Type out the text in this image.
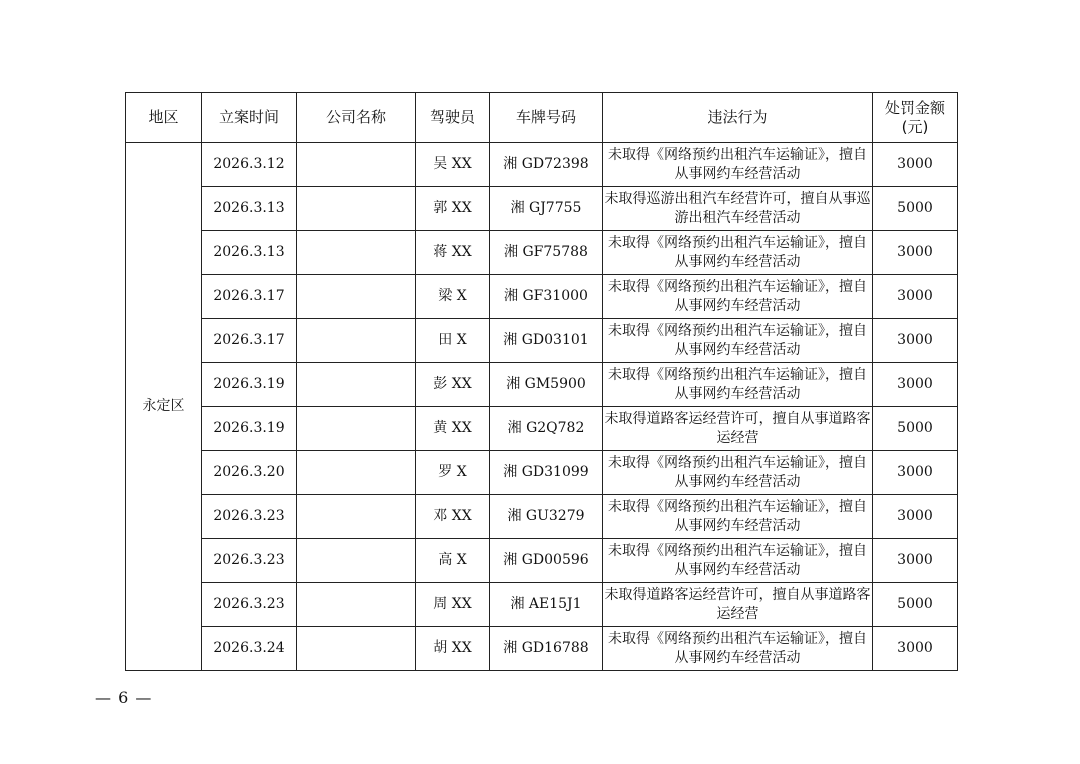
地区	立案时间	公司名称	驾驶员	车牌号码	违法行为	处罚金额
(元)

永定区	2026.3.12		吴 XX	湘 GD72398	未取得《网络预约出租汽车运输证》，擅自从事网约车经营活动	3000
	2026.3.13		郭 XX	湘 GJ7755	未取得巡游出租汽车经营许可，擅自从事巡游出租汽车经营活动	5000
	2026.3.13		蒋 XX	湘 GF75788	未取得《网络预约出租汽车运输证》，擅自从事网约车经营活动	3000
	2026.3.17		梁 X	湘 GF31000	未取得《网络预约出租汽车运输证》，擅自从事网约车经营活动	3000
	2026.3.17		田 X	湘 GD03101	未取得《网络预约出租汽车运输证》，擅自从事网约车经营活动	3000
	2026.3.19		彭 XX	湘 GM5900	未取得《网络预约出租汽车运输证》，擅自从事网约车经营活动	3000
	2026.3.19		黄 XX	湘 G2Q782	未取得道路客运经营许可，擅自从事道路客运经营	5000
	2026.3.20		罗 X	湘 GD31099	未取得《网络预约出租汽车运输证》，擅自从事网约车经营活动	3000
	2026.3.23		邓 XX	湘 GU3279	未取得《网络预约出租汽车运输证》，擅自从事网约车经营活动	3000
	2026.3.23		高 X	湘 GD00596	未取得《网络预约出租汽车运输证》，擅自从事网约车经营活动	3000
	2026.3.23		周 XX	湘 AE15J1	未取得道路客运经营许可，擅自从事道路客运经营	5000
	2026.3.24		胡 XX	湘 GD16788	未取得《网络预约出租汽车运输证》，擅自从事网约车经营活动	3000
— 6 —
